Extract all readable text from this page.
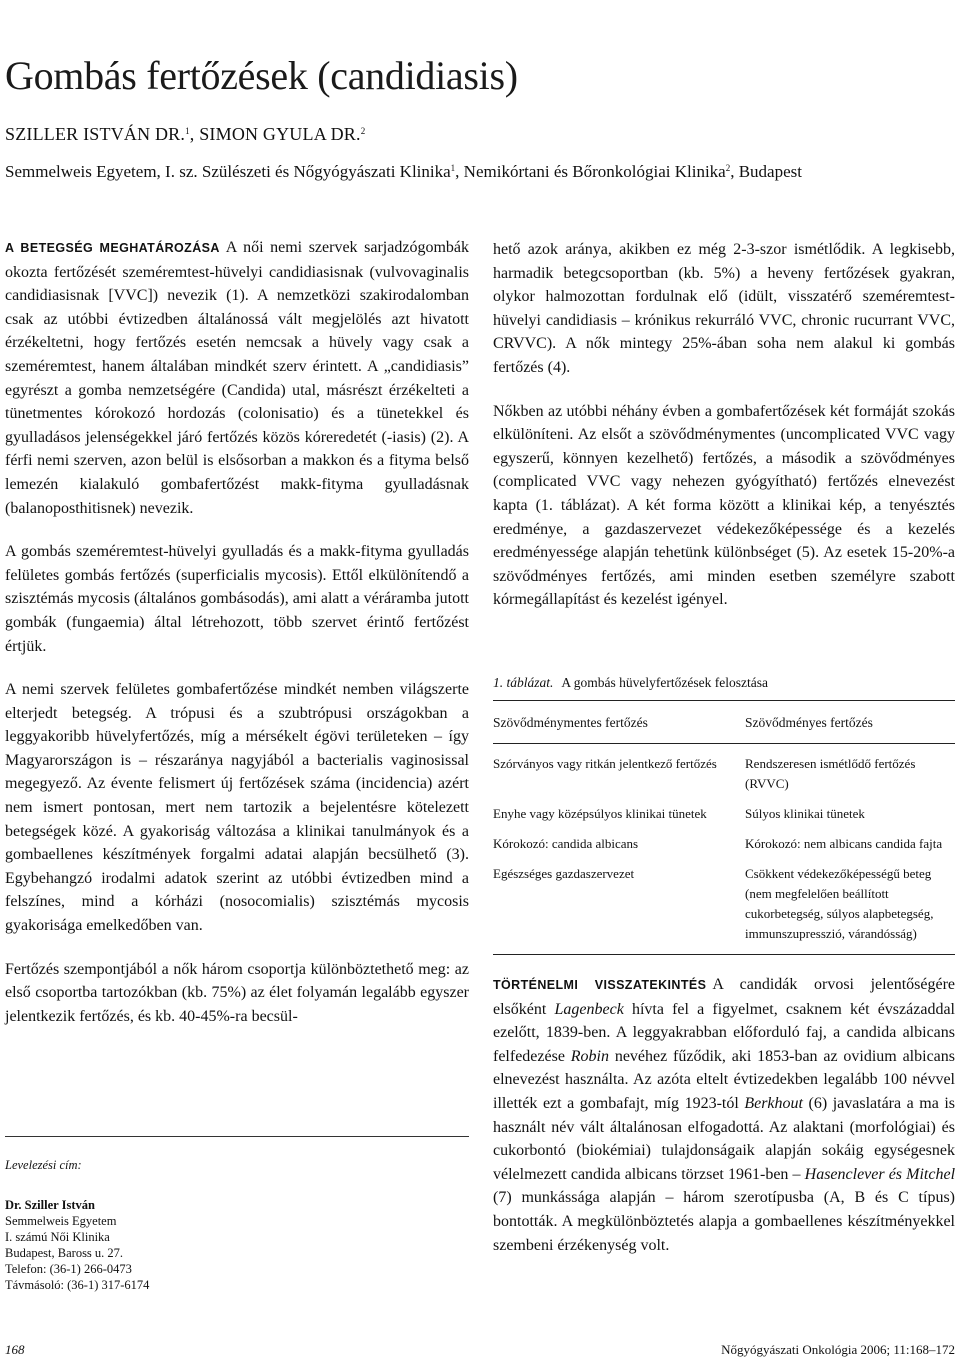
Gombás fertőzések (candidiasis)
SZILLER ISTVÁN DR.$^1$, SIMON GYULA DR.$^2$
Semmelweis Egyetem, I. sz. Szülészeti és Nőgyógyászati Klinika$^1$, Nemikórtani és Bőronkológiai Klinika$^2$, Budapest

A BETEGSÉG MEGHATÁROZÁSA A női nemi szervek sarjadzógombák okozta fertőzését szeméremtest-hüvelyi candidiasisnak (vulvovaginalis candidiasisnak [VVC]) nevezik (1). A nemzetközi szakirodalomban csak az utóbbi évtizedben általánossá vált megjelölés azt hivatott érzékeltetni, hogy fertőzés esetén nemcsak a hüvely vagy csak a szeméremtest, hanem általában mindkét szerv érintett. A „candidiasis” egyrészt a gomba nemzetségére (Candida) utal, másrészt érzékelteti a tünetmentes kórokozó hordozás (colonisatio) és a tünetekkel és gyulladásos jelenségekkel járó fertőzés közös kóreredetét (-iasis) (2). A férfi nemi szerven, azon belül is elsősorban a makkon és a fityma belső lemezén kialakuló gombafertőzést makk-fityma gyulladásnak (balanoposthitisnek) nevezik.

A gombás szeméremtest-hüvelyi gyulladás és a makk-fityma gyulladás felületes gombás fertőzés (superficialis mycosis). Ettől elkülönítendő a szisztémás mycosis (általános gombásodás), ami alatt a véráramba jutott gombák (fungaemia) által létrehozott, több szervet érintő fertőzést értjük.

A nemi szervek felületes gombafertőzése mindkét nemben világszerte elterjedt betegség. A trópusi és a szubtrópusi országokban a leggyakoribb hüvelyfertőzés, míg a mérsékelt égövi területeken – így Magyarországon is – részaránya nagyjából a bacterialis vaginosissal megegyező. Az évente felismert új fertőzések száma (incidencia) azért nem ismert pontosan, mert nem tartozik a bejelentésre kötelezett betegségek közé. A gyakoriság változása a klinikai tanulmányok és a gombaellenes készítmények forgalmi adatai alapján becsülhető (3). Egybehangzó irodalmi adatok szerint az utóbbi évtizedben mind a felszínes, mind a kórházi (nosocomialis) szisztémás mycosis gyakorisága emelkedőben van.

Fertőzés szempontjából a nők három csoportja különböztethető meg: az első csoportba tartozókban (kb. 75%) az élet folyamán legalább egyszer jelentkezik fertőzés, és kb. 40-45%-ra becsül-

hető azok aránya, akikben ez még 2-3-szor ismétlődik. A legkisebb, harmadik betegcsoportban (kb. 5%) a heveny fertőzések gyakran, olykor halmozottan fordulnak elő (idült, visszatérő szeméremtest-hüvelyi candidiasis – krónikus rekurráló VVC, chronic rucurrant VVC, CRVVC). A nők mintegy 25%-ában soha nem alakul ki gombás fertőzés (4).

Nőkben az utóbbi néhány évben a gombafertőzések két formáját szokás elkülöníteni. Az elsőt a szövődménymentes (uncomplicated VVC vagy egyszerű, könnyen kezelhető) fertőzés, a második a szövődményes (complicated VVC vagy nehezen gyógyítható) fertőzés elnevezést kapta (1. táblázat). A két forma között a klinikai kép, a tenyésztés eredménye, a gazdaszervezet védekezőképessége és a kezelés eredményessége alapján tehetünk különbséget (5). Az esetek 15-20%-a szövődményes fertőzés, ami minden esetben személyre szabott kórmegállapítást és kezelést igényel.

1. táblázat. A gombás hüvelyfertőzések felosztása
Szövődménymentes fertőzés	Szövődményes fertőzés
Szórványos vagy ritkán jelentkező fertőzés	Rendszeresen ismétlődő fertőzés (RVVC)
Enyhe vagy középsúlyos klinikai tünetek	Súlyos klinikai tünetek
Kórokozó: candida albicans	Kórokozó: nem albicans candida fajta
Egészséges gazdaszervezet	Csökkent védekezőképességű beteg (nem megfelelően beállított cukorbetegség, súlyos alapbetegség, immunszupresszió, várandósság)

TÖRTÉNELMI VISSZATEKINTÉS A candidák orvosi jelentőségére elsőként Lagenbeck hívta fel a figyelmet, csaknem két évszázaddal ezelőtt, 1839-ben. A leggyakrabban előforduló faj, a candida albicans felfedezése Robin nevéhez fűződik, aki 1853-ban az ovidium albicans elnevezést használta. Az azóta eltelt évtizedekben legalább 100 névvel illették ezt a gombafajt, míg 1923-tól Berkhout (6) javaslatára a ma is használt név vált általánosan elfogadottá. Az alaktani (morfológiai) és cukorbontó (biokémiai) tulajdonságaik alapján sokáig egységesnek vélelmezett candida albicans törzset 1961-ben – Hasenclever és Mitchel (7) munkássága alapján – három szerotípusba (A, B és C típus) bontották. A megkülönböztetés alapja a gombaellenes készítményekkel szembeni érzékenység volt.

Levelezési cím:
Dr. Sziller István
Semmelweis Egyetem
I. számú Női Klinika
Budapest, Baross u. 27.
Telefon: (36-1) 266-0473
Távmásoló: (36-1) 317-6174
168	Nőgyógyászati Onkológia 2006; 11:168–172
